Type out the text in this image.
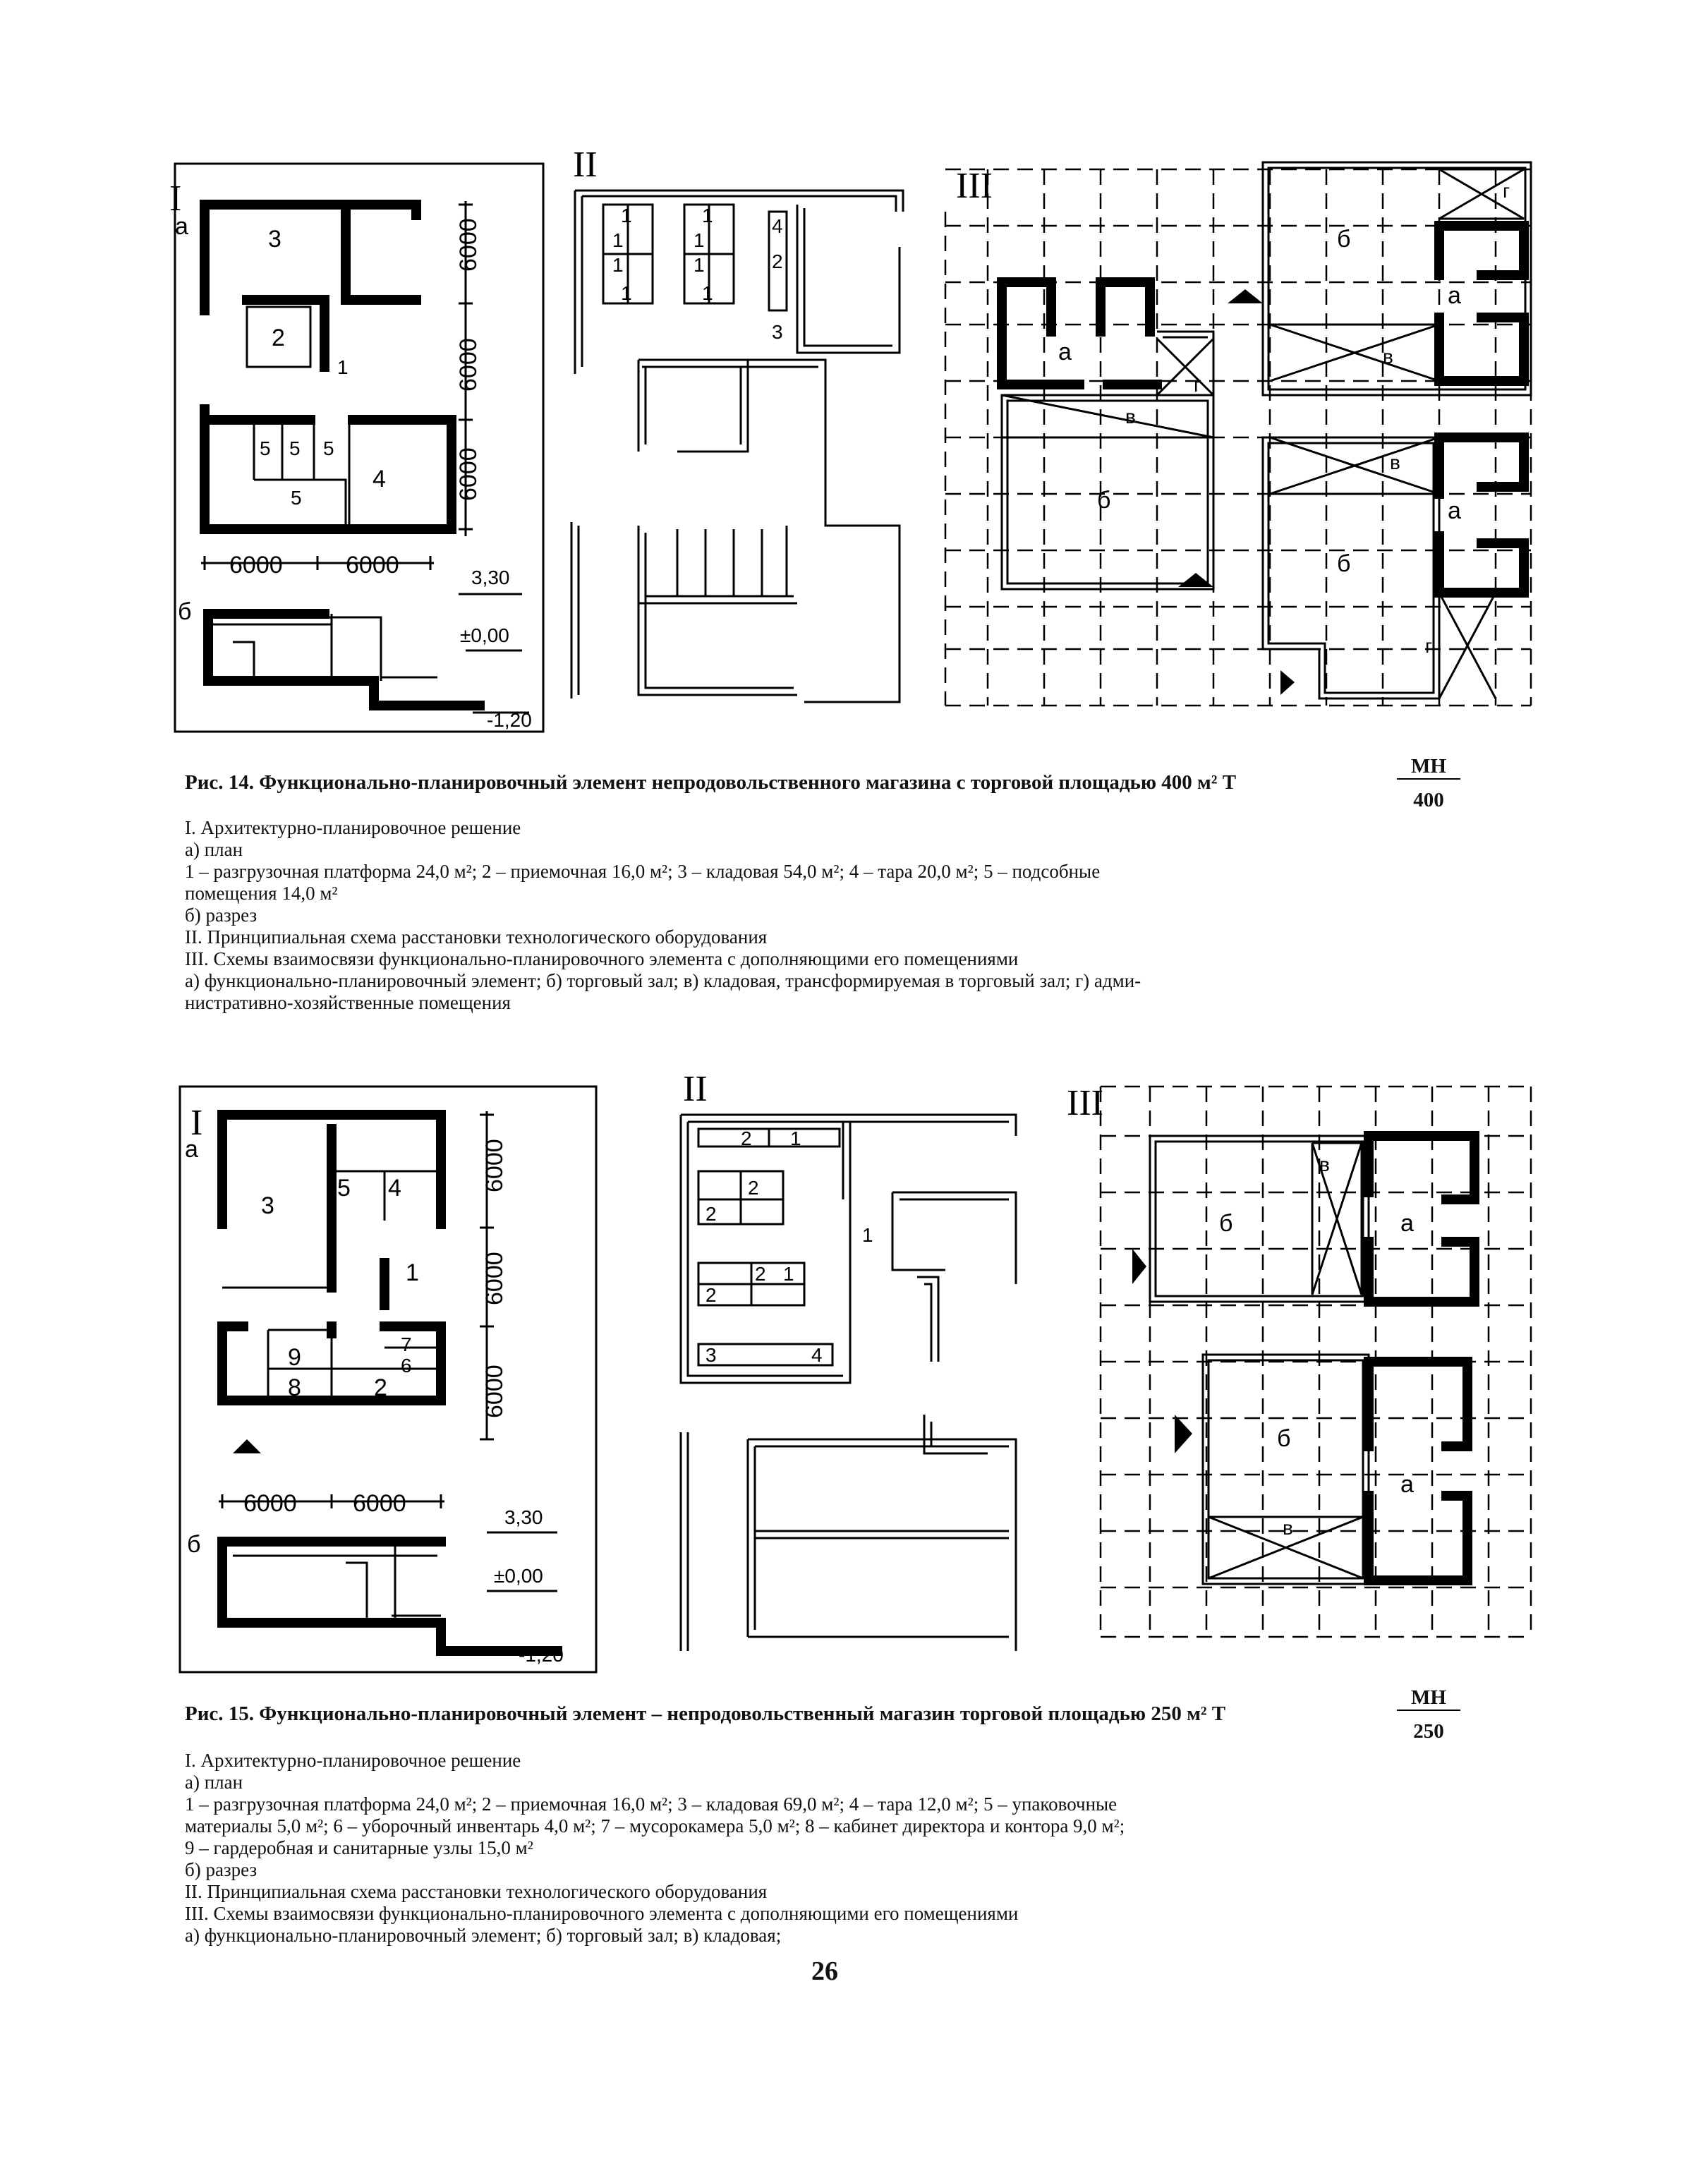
I
а	3
2
1
5 5 5
5
4
6000
6000
6000
6000	6000
б
3,30
±0,00
-1,20
II
4
2
3
1	1
1	1
1	1
1	1
III
а
в
г
б
г
б
а
в
в
а
б
г
Рис. 14. Функционально-планировочный элемент непродовольственного магазина с торговой площадью 400 м² Т
МН
400
I. Архитектурно-планировочное решение
а) план
1 – разгрузочная платформа 24,0 м²; 2 – приемочная 16,0 м²; 3 – кладовая 54,0 м²; 4 – тара 20,0 м²; 5 – подсобные
помещения 14,0 м²
б) разрез
II. Принципиальная схема расстановки технологического оборудования
III. Схемы взаимосвязи функционально-планировочного элемента с дополняющими его помещениями
а) функционально-планировочный элемент; б) торговый зал; в) кладовая, трансформируемая в торговый зал; г) адми-
нистративно-хозяйственные помещения
I
а
3
5 4
1
7
9	6
8	2
6000
6000
6000
6000 6000
б
3,30
±0,00
-1,20
II
2 1
2
2
2 1
2
3	4
1
III
в
б	а
б
а
в
Рис. 15. Функционально-планировочный элемент – непродовольственный магазин торговой площадью 250 м² Т
МН
250
I. Архитектурно-планировочное решение
а) план
1 – разгрузочная платформа 24,0 м²; 2 – приемочная 16,0 м²; 3 – кладовая 69,0 м²; 4 – тара 12,0 м²; 5 – упаковочные
материалы 5,0 м²; 6 – уборочный инвентарь 4,0 м²; 7 – мусорокамера 5,0 м²; 8 – кабинет директора и контора 9,0 м²;
9 – гардеробная и санитарные узлы 15,0 м²
б) разрез
II. Принципиальная схема расстановки технологического оборудования
III. Схемы взаимосвязи функционально-планировочного элемента с дополняющими его помещениями
а) функционально-планировочный элемент; б) торговый зал; в) кладовая;
26
